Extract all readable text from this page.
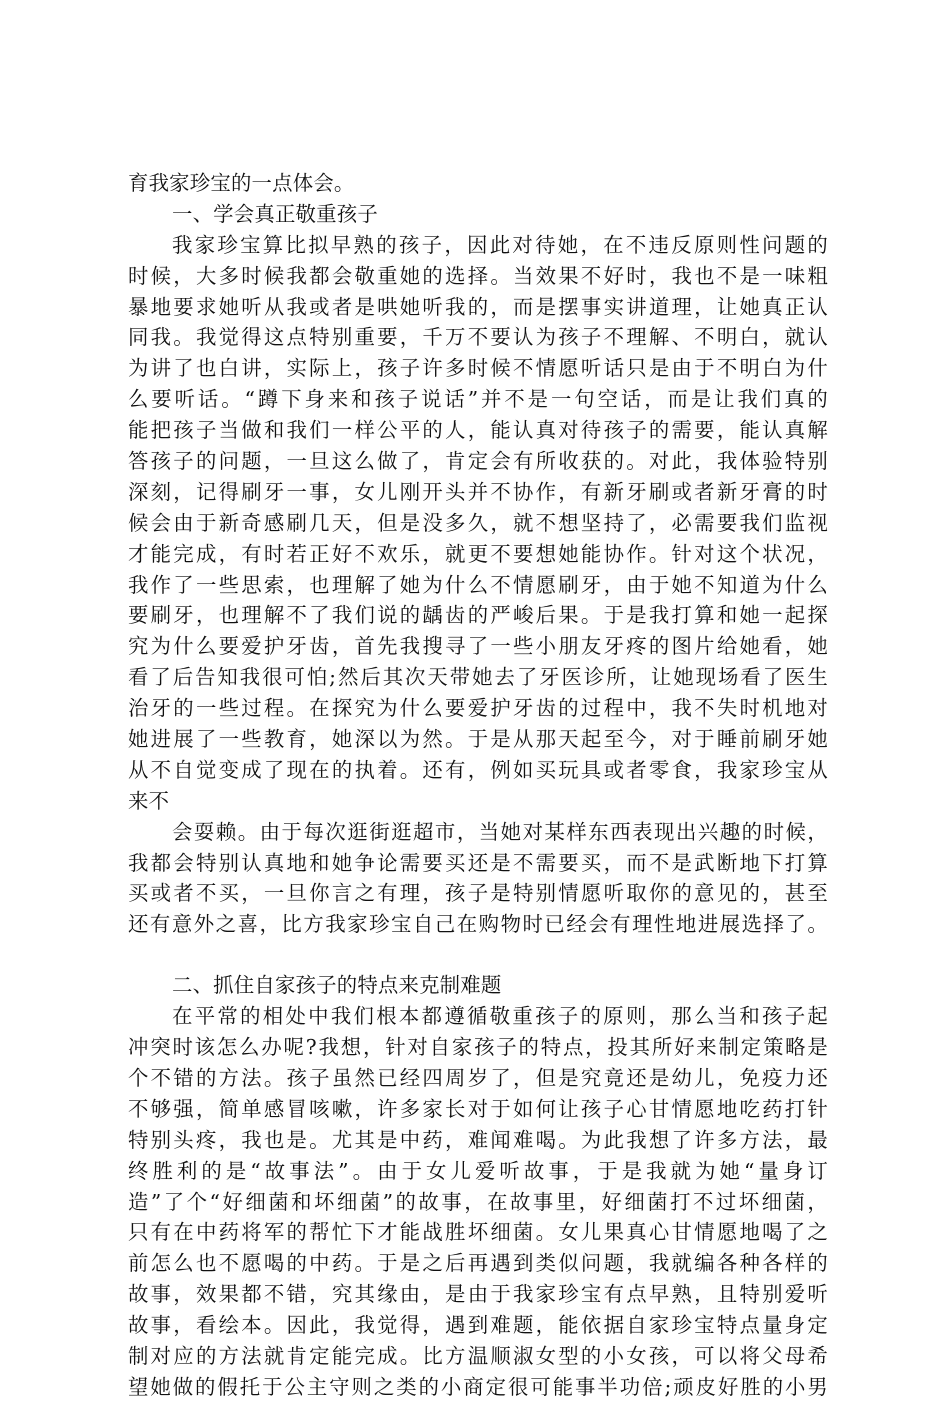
育我家珍宝的一点体会。
一、学会真正敬重孩子
我家珍宝算比拟早熟的孩子，因此对待她，在不违反原则性问题的
时候，大多时候我都会敬重她的选择。当效果不好时，我也不是一味粗
暴地要求她听从我或者是哄她听我的，而是摆事实讲道理，让她真正认
同我。我觉得这点特别重要，千万不要认为孩子不理解、不明白，就认
为讲了也白讲，实际上，孩子许多时候不情愿听话只是由于不明白为什
么要听话。“蹲下身来和孩子说话”并不是一句空话，而是让我们真的
能把孩子当做和我们一样公平的人，能认真对待孩子的需要，能认真解
答孩子的问题，一旦这么做了，肯定会有所收获的。对此，我体验特别
深刻，记得刷牙一事，女儿刚开头并不协作，有新牙刷或者新牙膏的时
候会由于新奇感刷几天，但是没多久，就不想坚持了，必需要我们监视
才能完成，有时若正好不欢乐，就更不要想她能协作。针对这个状况，
我作了一些思索，也理解了她为什么不情愿刷牙，由于她不知道为什么
要刷牙，也理解不了我们说的龋齿的严峻后果。于是我打算和她一起探
究为什么要爱护牙齿，首先我搜寻了一些小朋友牙疼的图片给她看，她
看了后告知我很可怕;然后其次天带她去了牙医诊所，让她现场看了医生
治牙的一些过程。在探究为什么要爱护牙齿的过程中，我不失时机地对
她进展了一些教育，她深以为然。于是从那天起至今，对于睡前刷牙她
从不自觉变成了现在的执着。还有，例如买玩具或者零食，我家珍宝从
来不
会耍赖。由于每次逛街逛超市，当她对某样东西表现出兴趣的时候，
我都会特别认真地和她争论需要买还是不需要买，而不是武断地下打算
买或者不买，一旦你言之有理，孩子是特别情愿听取你的意见的，甚至
还有意外之喜，比方我家珍宝自己在购物时已经会有理性地进展选择了。
二、抓住自家孩子的特点来克制难题
在平常的相处中我们根本都遵循敬重孩子的原则，那么当和孩子起
冲突时该怎么办呢?我想，针对自家孩子的特点，投其所好来制定策略是
个不错的方法。孩子虽然已经四周岁了，但是究竟还是幼儿，免疫力还
不够强，简单感冒咳嗽，许多家长对于如何让孩子心甘情愿地吃药打针
特别头疼，我也是。尤其是中药，难闻难喝。为此我想了许多方法，最
终胜利的是“故事法”。由于女儿爱听故事，于是我就为她“量身订
造”了个“好细菌和坏细菌”的故事，在故事里，好细菌打不过坏细菌，
只有在中药将军的帮忙下才能战胜坏细菌。女儿果真心甘情愿地喝了之
前怎么也不愿喝的中药。于是之后再遇到类似问题，我就编各种各样的
故事，效果都不错，究其缘由，是由于我家珍宝有点早熟，且特别爱听
故事，看绘本。因此，我觉得，遇到难题，能依据自家珍宝特点量身定
制对应的方法就肯定能完成。比方温顺淑女型的小女孩，可以将父母希
望她做的假托于公主守则之类的小商定很可能事半功倍;顽皮好胜的小男
